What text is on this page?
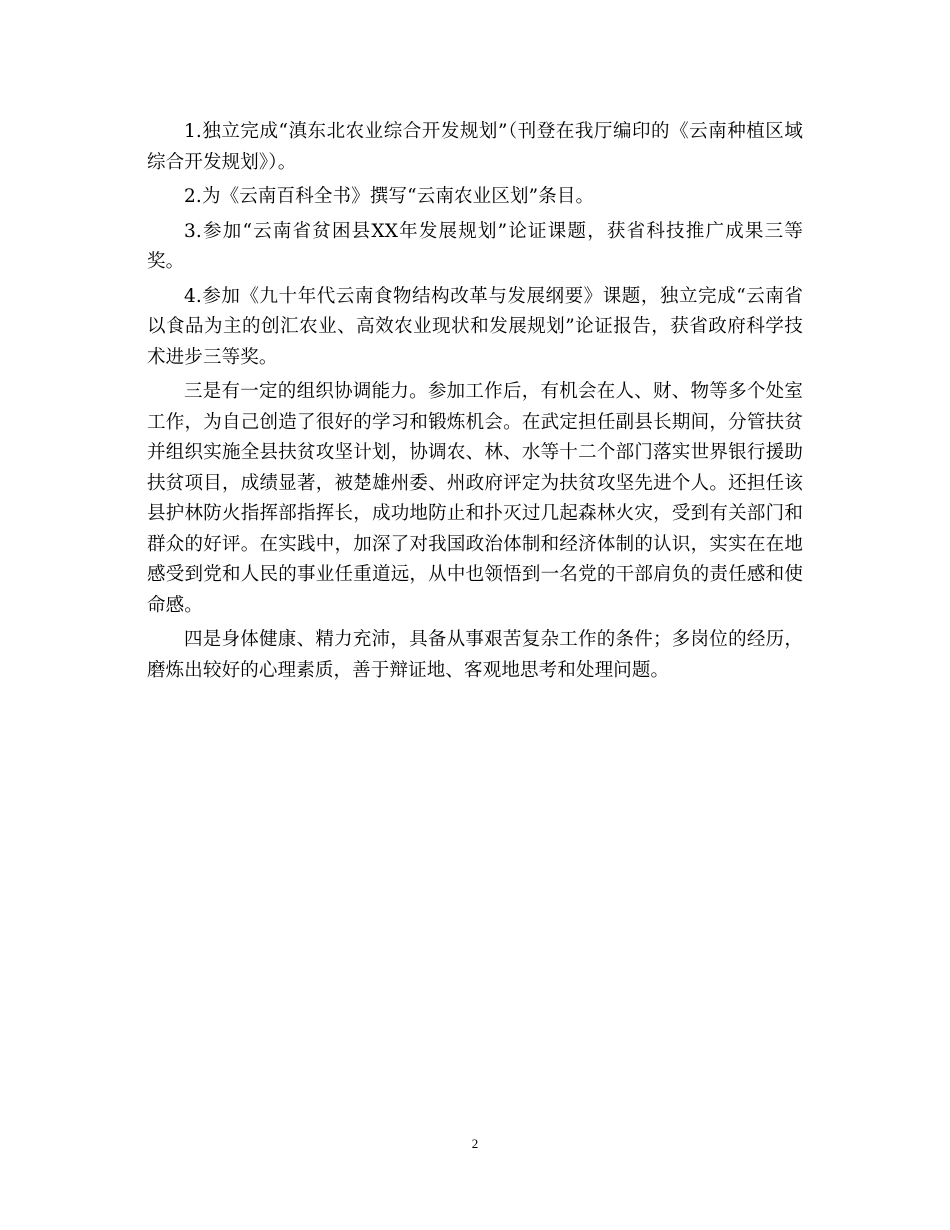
1.独立完成“滇东北农业综合开发规划”（刊登在我厅编印的《云南种植区域综合开发规划》）。

2.为《云南百科全书》撰写“云南农业区划”条目。

3.参加“云南省贫困县XX年发展规划”论证课题，获省科技推广成果三等奖。

4.参加《九十年代云南食物结构改革与发展纲要》课题，独立完成“云南省以食品为主的创汇农业、高效农业现状和发展规划”论证报告，获省政府科学技术进步三等奖。

三是有一定的组织协调能力。参加工作后，有机会在人、财、物等多个处室工作，为自己创造了很好的学习和锻炼机会。在武定担任副县长期间，分管扶贫并组织实施全县扶贫攻坚计划，协调农、林、水等十二个部门落实世界银行援助扶贫项目，成绩显著，被楚雄州委、州政府评定为扶贫攻坚先进个人。还担任该县护林防火指挥部指挥长，成功地防止和扑灭过几起森林火灾，受到有关部门和群众的好评。在实践中，加深了对我国政治体制和经济体制的认识，实实在在地感受到党和人民的事业任重道远，从中也领悟到一名党的干部肩负的责任感和使命感。

四是身体健康、精力充沛，具备从事艰苦复杂工作的条件；多岗位的经历，磨炼出较好的心理素质，善于辩证地、客观地思考和处理问题。

2
